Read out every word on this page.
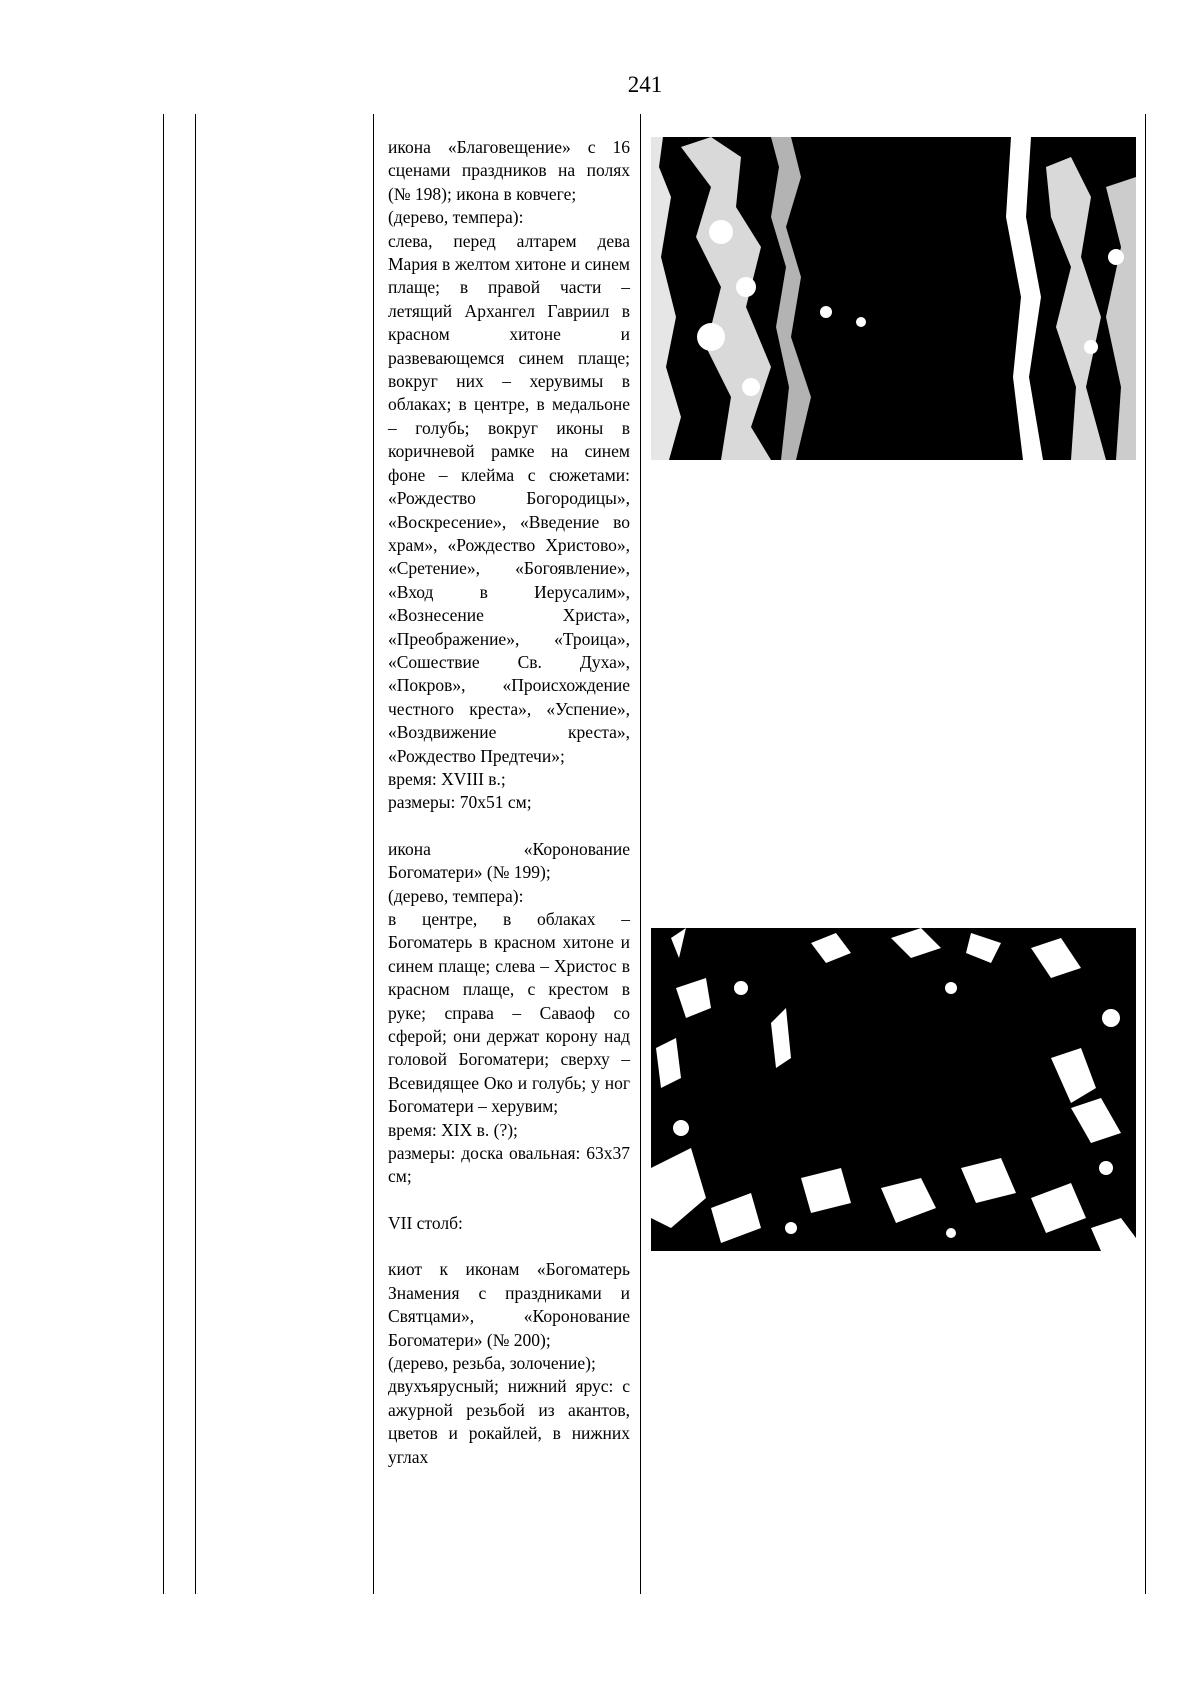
241

икона «Благовещение» с 16 сценами праздников на полях (№ 198); икона в ковчеге;

(дерево, темпера):

слева, перед алтарем дева Мария в желтом хитоне и синем плаще; в правой части – летящий Архангел Гавриил в красном хитоне и развевающемся синем плаще; вокруг них – херувимы в облаках; в центре, в медальоне – голубь; вокруг иконы в коричневой рамке на синем фоне – клейма с сюжетами: «Рождество Богородицы», «Воскресение», «Введение во храм», «Рождество Христово», «Сретение», «Богоявление», «Вход в Иерусалим», «Вознесение Христа», «Преображение», «Троица», «Сошествие Св. Духа», «Покров», «Происхождение честного креста», «Успение», «Воздвижение креста», «Рождество Предтечи»;

время: XVIII в.;

размеры: 70х51 см;

икона «Коронование Богоматери» (№ 199);

(дерево, темпера):

в центре, в облаках – Богоматерь в красном хитоне и синем плаще; слева – Христос в красном плаще, с крестом в руке; справа – Саваоф со сферой; они держат корону над головой Богоматери; сверху – Всевидящее Око и голубь; у ног Богоматери – херувим;

время: XIX в. (?);

размеры: доска овальная: 63х37 см;

VII столб:

киот к иконам «Богоматерь Знамения с праздниками и Святцами», «Коронование Богоматери» (№ 200);

(дерево, резьба, золочение);

двухъярусный; нижний ярус: с ажурной резьбой из акантов, цветов и рокайлей, в нижних углах
